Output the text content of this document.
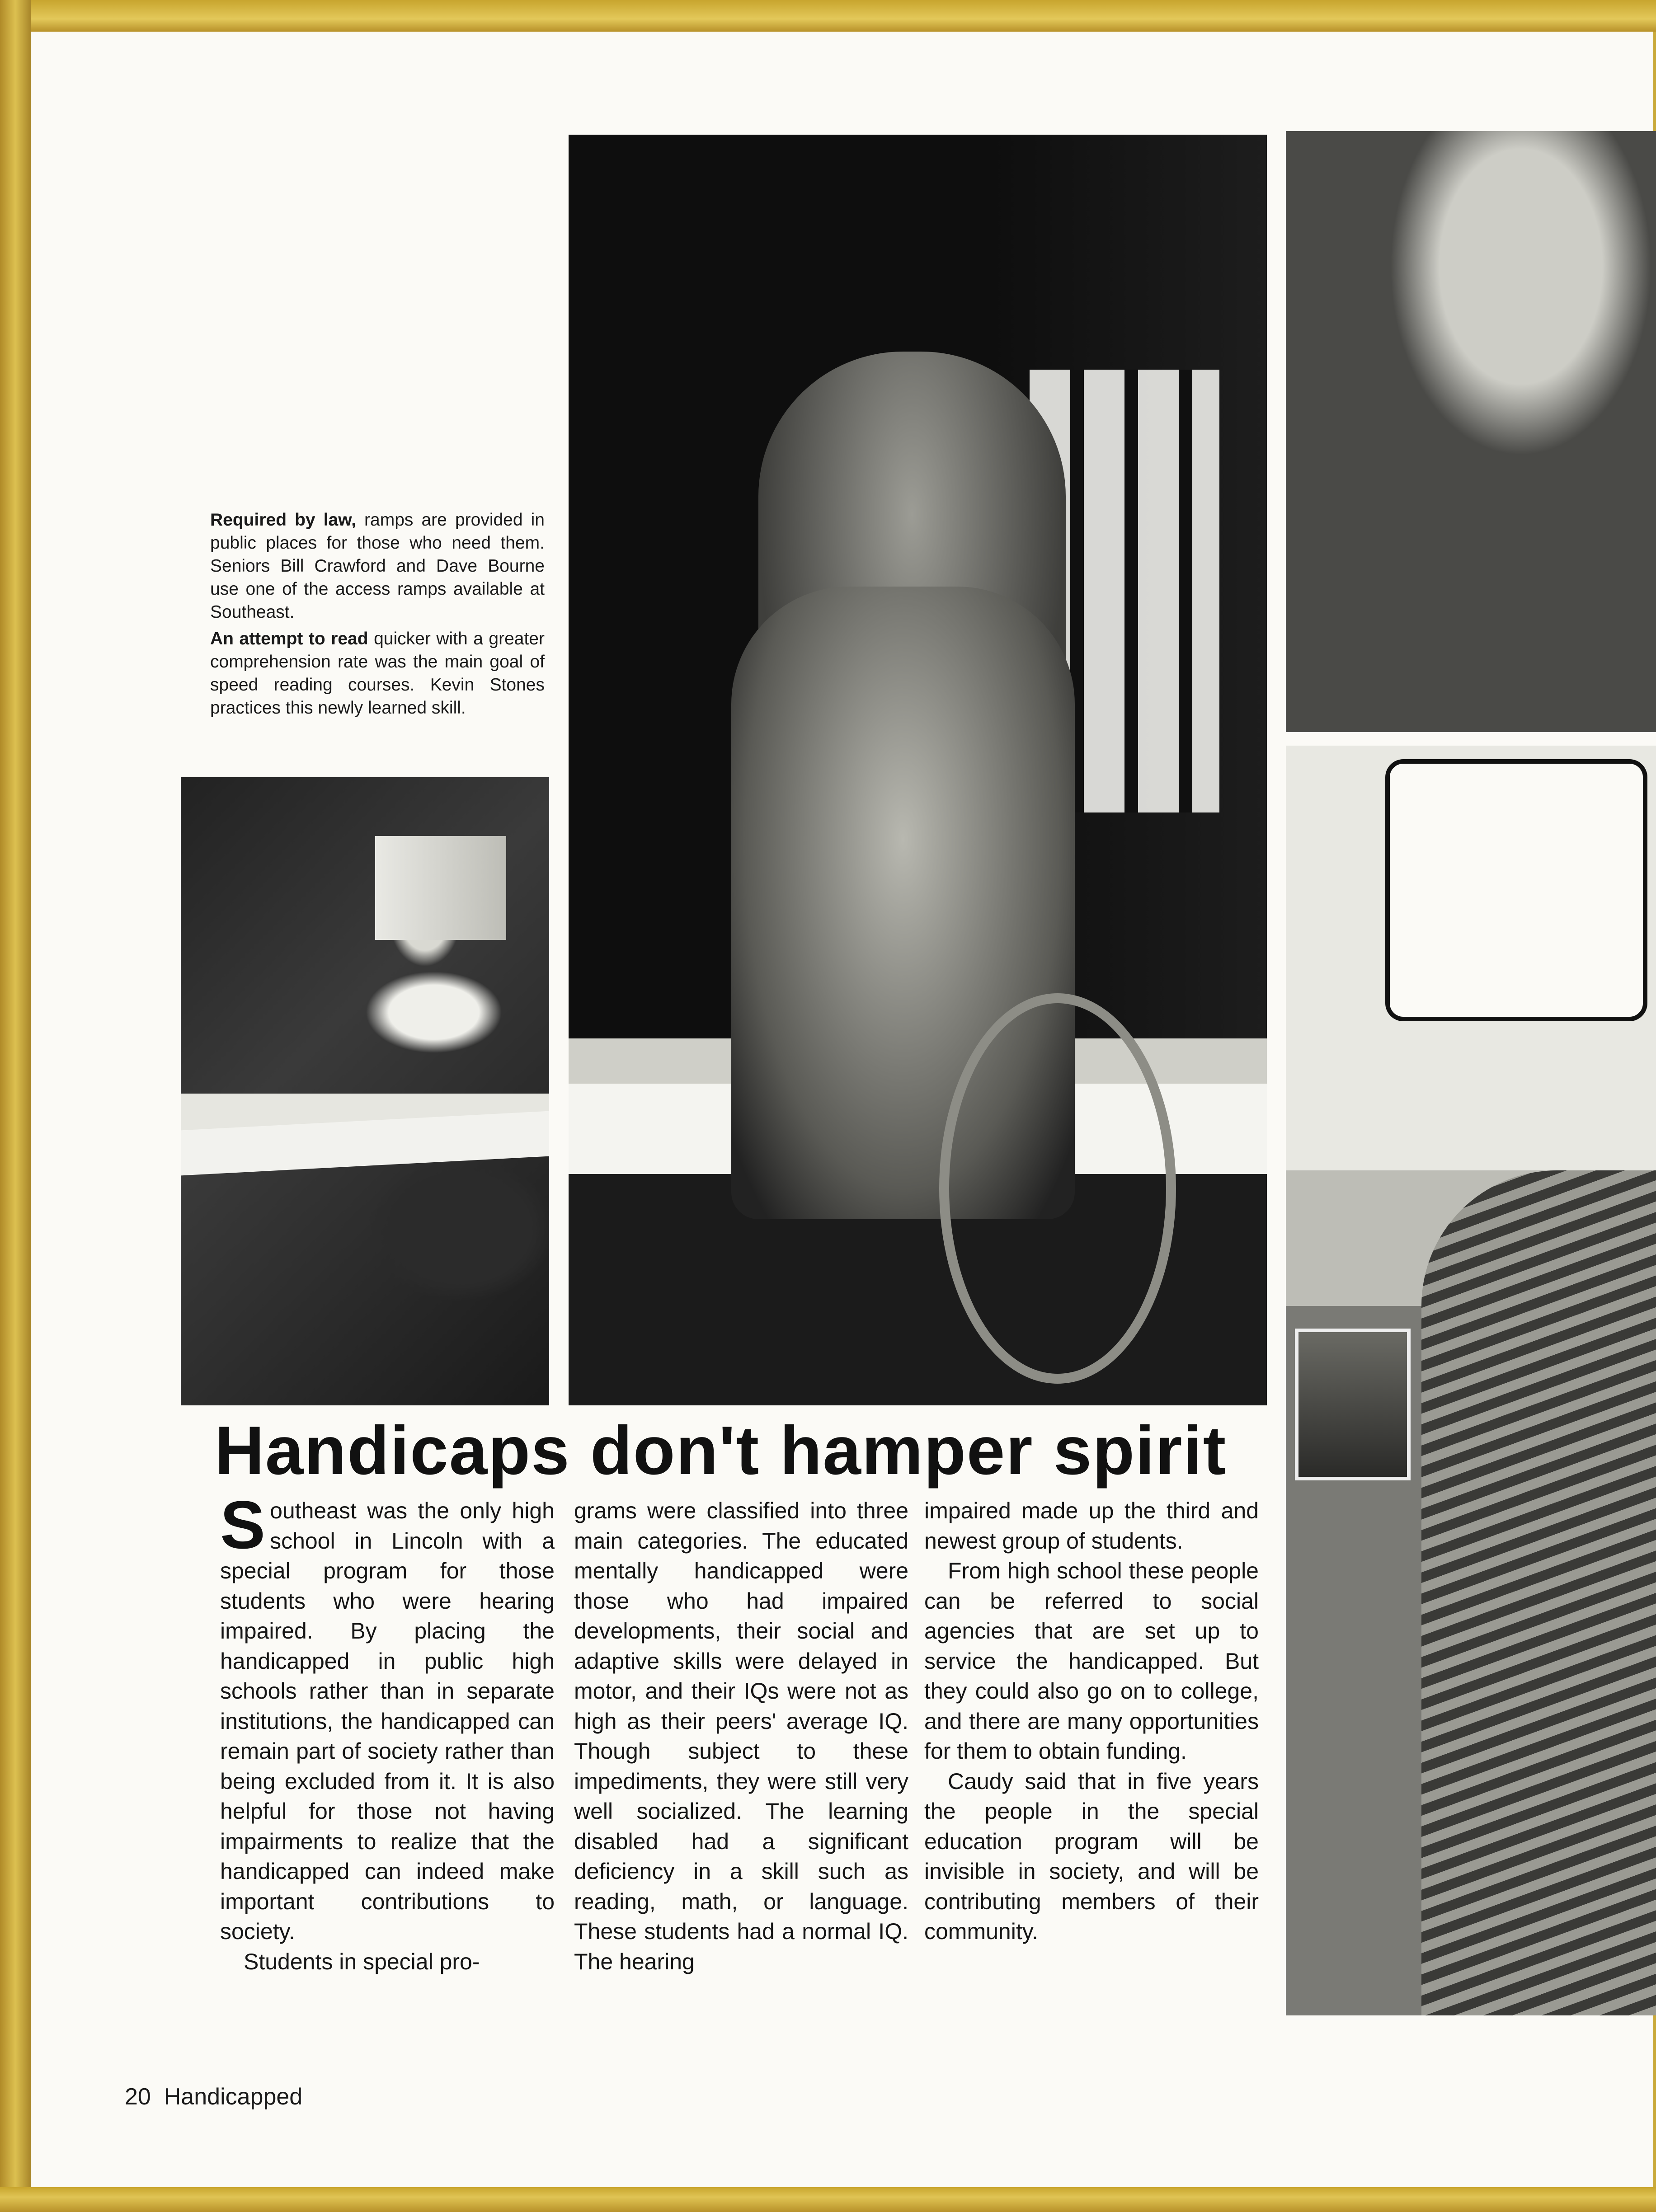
Required by law, ramps are provided in public places for those who need them. Seniors Bill Crawford and Dave Bourne use one of the access ramps available at Southeast.

An attempt to read quicker with a greater comprehension rate was the main goal of speed reading courses. Kevin Stones practices this newly learned skill.

Handicaps don't hamper spirit

Southeast was the only high school in Lincoln with a special program for those students who were hearing impaired. By placing the handicapped in public high schools rather than in separate institutions, the handicapped can remain part of society rather than being excluded from it. It is also helpful for those not having impairments to realize that the handicapped can indeed make important contributions to society.

Students in special pro-

grams were classified into three main categories. The educated mentally handicapped were those who had impaired developments, their social and adaptive skills were delayed in motor, and their IQs were not as high as their peers' average IQ. Though subject to these impediments, they were still very well socialized. The learning disabled had a significant deficiency in a skill such as reading, math, or language. These students had a normal IQ. The hearing

impaired made up the third and newest group of students.

From high school these people can be referred to social agencies that are set up to service the handicapped. But they could also go on to college, and there are many opportunities for them to obtain funding.

Caudy said that in five years the people in the special education program will be invisible in society, and will be contributing members of their community.

20 Handicapped
